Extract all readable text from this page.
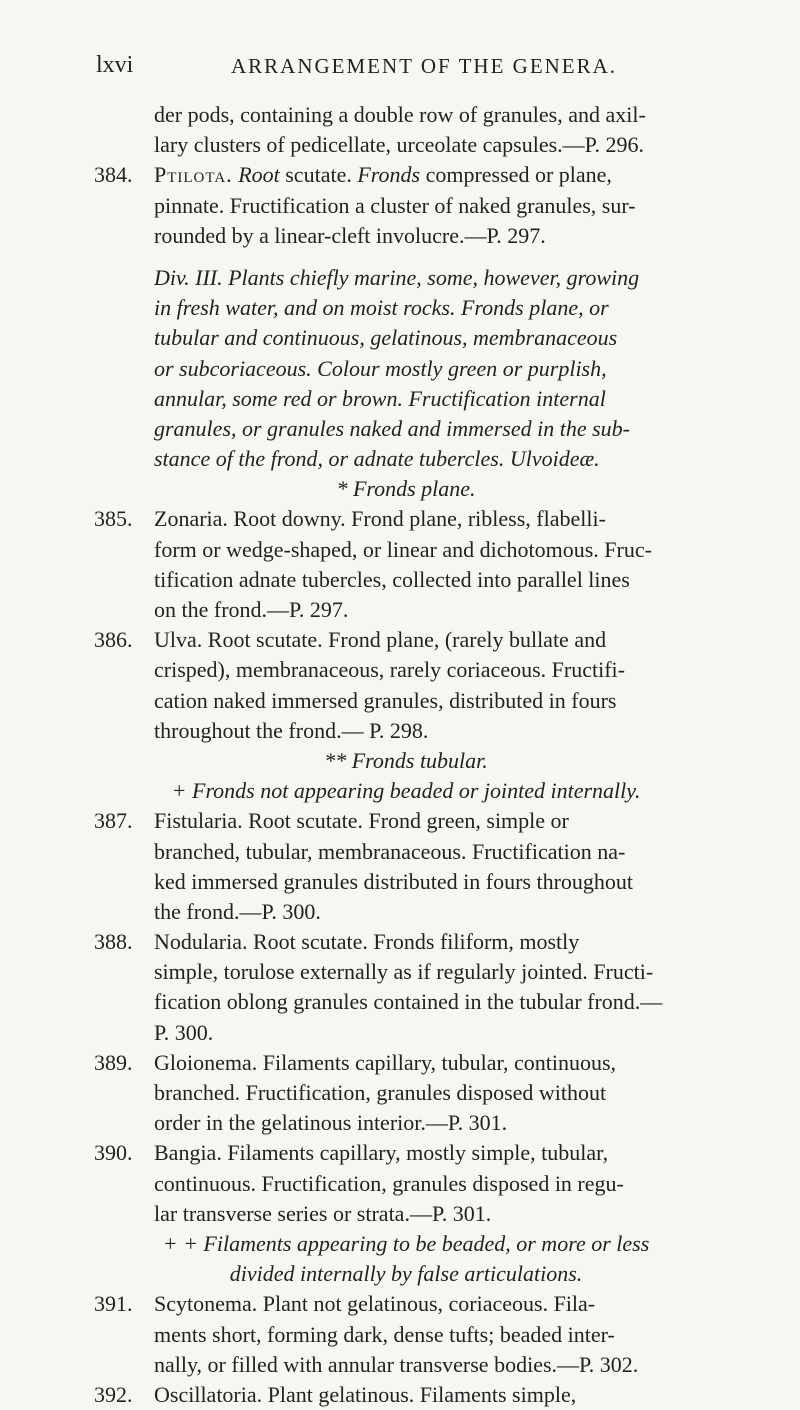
lxvi	ARRANGEMENT OF THE GENERA.
der pods, containing a double row of granules, and axil-
lary clusters of pedicellate, urceolate capsules.—P. 296.
384. Ptilota. Root scutate. Fronds compressed or plane,
pinnate. Fructification a cluster of naked granules, sur-
rounded by a linear-cleft involucre.—P. 297.
Div. III. Plants chiefly marine, some, however, growing
in fresh water, and on moist rocks. Fronds plane, or
tubular and continuous, gelatinous, membranaceous
or subcoriaceous. Colour mostly green or purplish,
annular, some red or brown. Fructification internal
granules, or granules naked and immersed in the sub-
stance of the frond, or adnate tubercles. Ulvoideæ.
* Fronds plane.
385. Zonaria. Root downy. Frond plane, ribless, flabelli-
form or wedge-shaped, or linear and dichotomous. Fruc-
tification adnate tubercles, collected into parallel lines
on the frond.—P. 297.
386. Ulva. Root scutate. Frond plane, (rarely bullate and
crisped), membranaceous, rarely coriaceous. Fructifi-
cation naked immersed granules, distributed in fours
throughout the frond.— P. 298.
** Fronds tubular.
+ Fronds not appearing beaded or jointed internally.
387. Fistularia. Root scutate. Frond green, simple or
branched, tubular, membranaceous. Fructification na-
ked immersed granules distributed in fours throughout
the frond.—P. 300.
388. Nodularia. Root scutate. Fronds filiform, mostly
simple, torulose externally as if regularly jointed. Fructi-
fication oblong granules contained in the tubular frond.—
P. 300.
389. Gloionema. Filaments capillary, tubular, continuous,
branched. Fructification, granules disposed without
order in the gelatinous interior.—P. 301.
390. Bangia. Filaments capillary, mostly simple, tubular,
continuous. Fructification, granules disposed in regu-
lar transverse series or strata.—P. 301.
+ + Filaments appearing to be beaded, or more or less
divided internally by false articulations.
391. Scytonema. Plant not gelatinous, coriaceous. Fila-
ments short, forming dark, dense tufts; beaded inter-
nally, or filled with annular transverse bodies.—P. 302.
392. Oscillatoria. Plant gelatinous. Filaments simple,
